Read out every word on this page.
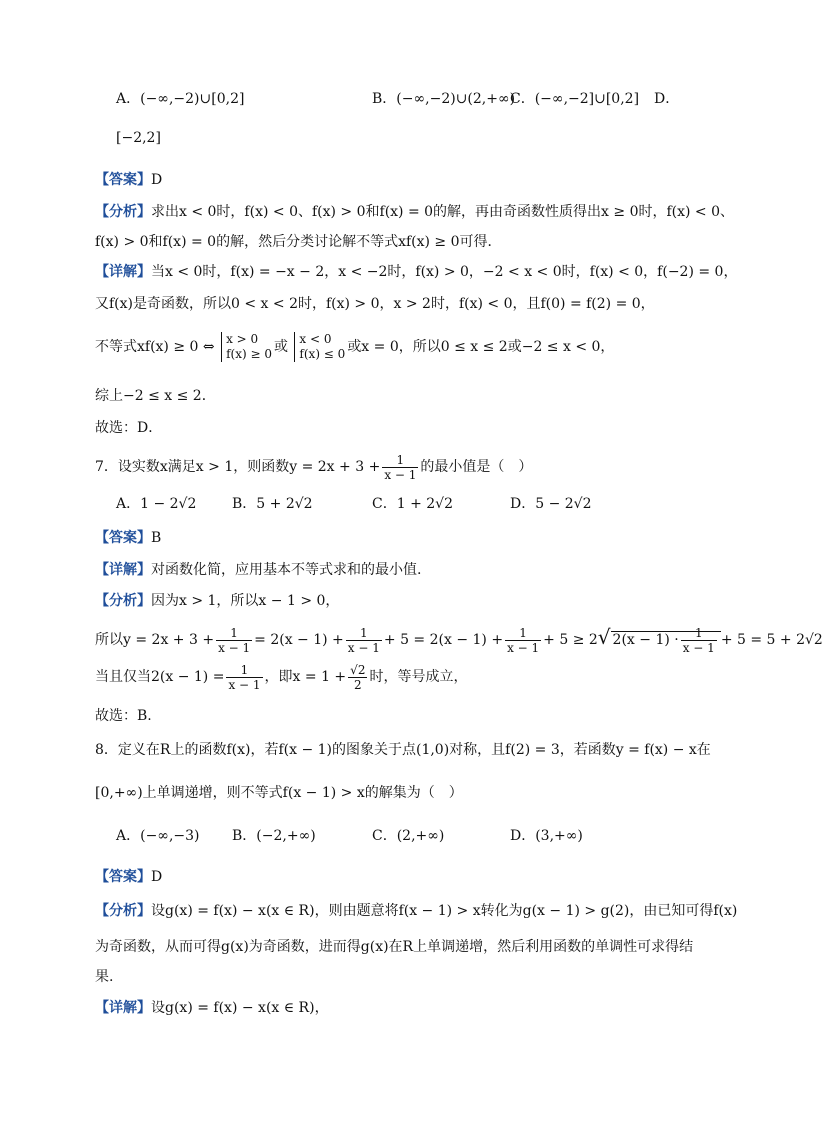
A．(−∞,−2)∪[0,2]	B．(−∞,−2)∪(2,+∞)
C．(−∞,−2]∪[0,2] D．
[−2,2]
【答案】D
【分析】求出x < 0时，f(x) < 0、f(x) > 0和f(x) = 0的解，再由奇函数性质得出x ≥ 0时，f(x) < 0、
f(x) > 0和f(x) = 0的解，然后分类讨论解不等式xf(x) ≥ 0可得．
【详解】当x < 0时，f(x) = −x − 2，x < −2时，f(x) > 0，−2 < x < 0时，f(x) < 0，f(−2) = 0，
又f(x)是奇函数，所以0 < x < 2时，f(x) > 0，x > 2时，f(x) < 0，且f(0) = f(2) = 0，
不等式xf(x) ≥ 0 ⇔ x > 0
f(x) ≥ 0 或 x < 0
f(x) ≤ 0 或x = 0，所以0 ≤ x ≤ 2或−2 ≤ x < 0，
综上−2 ≤ x ≤ 2．
故选：D．
7．设实数x满足x > 1，则函数$y = 2x + 3 + \frac{1}{x - 1}$ 的最小值是（　）
A．1 − 2√2	B．5 + 2√2	C．1 + 2√2	D．5 − 2√2
【答案】B
【详解】对函数化简，应用基本不等式求和的最小值.
【分析】因为x > 1，所以x − 1 > 0，
所以$y = 2x + 3 + \frac{1}{x - 1} = 2(x - 1) + \frac{1}{x - 1} + 5 = 2(x - 1) + \frac{1}{x - 1} + 5 \ge 2√$ $2(x - 1) \cdot \frac{1}{x - 1} + 5 = 5 + 2√2$
当且仅当$2(x - 1) = \frac{1}{x - 1}$ ，即$x = 1 + \frac{√2}{2}$ 时，等号成立，
故选：B.
8．定义在R上的函数f(x)，若f(x − 1)的图象关于点(1,0)对称，且f(2) = 3，若函数y = f(x) − x在
[0,+∞)上单调递增，则不等式f(x − 1) > x的解集为（　）
A．(−∞,−3) B．(−2,+∞)	C．(2,+∞)	D．(3,+∞)
【答案】D
【分析】设g(x) = f(x) − x(x ∈ R)，则由题意将f(x − 1) > x转化为g(x − 1) > g(2)，由已知可得f(x)
为奇函数，从而可得g(x)为奇函数，进而得g(x)在R上单调递增，然后利用函数的单调性可求得结
果.
【详解】设g(x) = f(x) − x(x ∈ R)，
